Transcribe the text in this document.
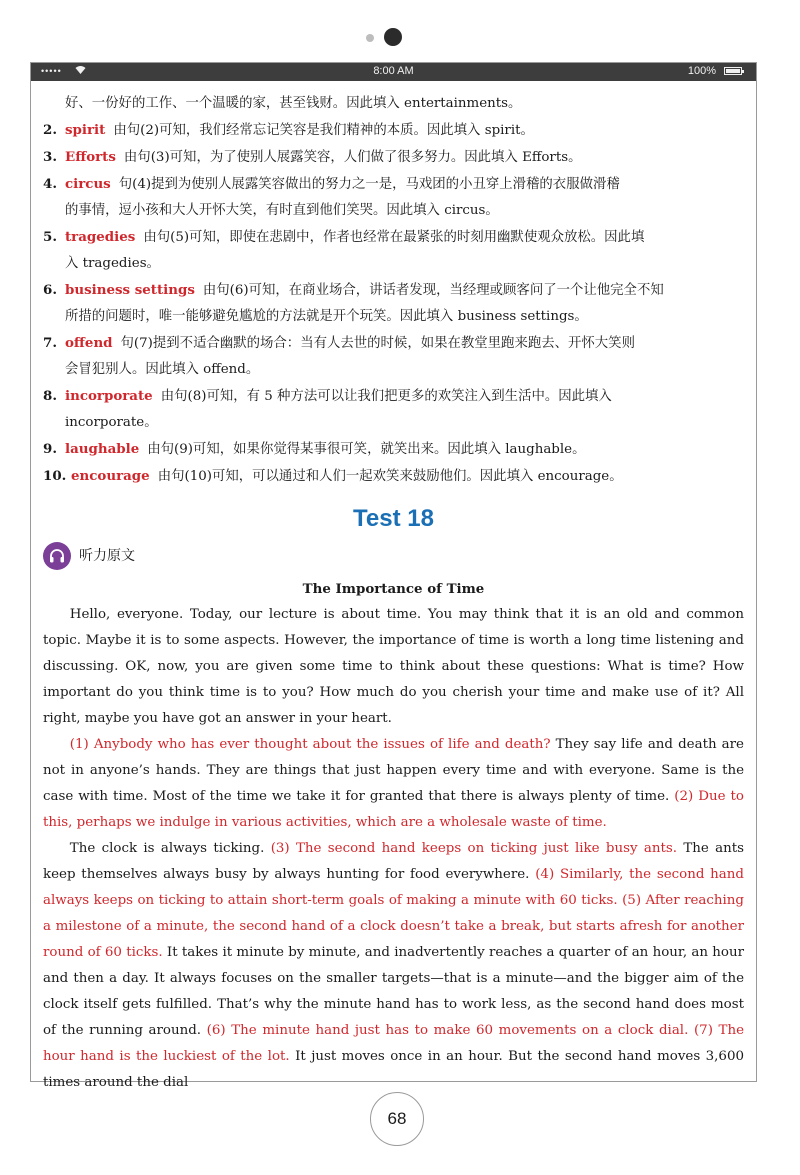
•••••	8:00 AM	100%

好、一份好的工作、一个温暖的家，甚至钱财。因此填入 entertainments。

2. spirit 由句(2)可知，我们经常忘记笑容是我们精神的本质。因此填入 spirit。

3. Efforts 由句(3)可知，为了使别人展露笑容，人们做了很多努力。因此填入 Efforts。

4. circus 句(4)提到为使别人展露笑容做出的努力之一是，马戏团的小丑穿上滑稽的衣服做滑稽

的事情，逗小孩和大人开怀大笑，有时直到他们笑哭。因此填入 circus。

5. tragedies 由句(5)可知，即使在悲剧中，作者也经常在最紧张的时刻用幽默使观众放松。因此填

入 tragedies。

6. business settings 由句(6)可知，在商业场合，讲话者发现，当经理或顾客问了一个让他完全不知

所措的问题时，唯一能够避免尴尬的方法就是开个玩笑。因此填入 business settings。

7. offend 句(7)提到不适合幽默的场合：当有人去世的时候，如果在教堂里跑来跑去、开怀大笑则

会冒犯别人。因此填入 offend。

8. incorporate 由句(8)可知，有 5 种方法可以让我们把更多的欢笑注入到生活中。因此填入

incorporate。

9. laughable 由句(9)可知，如果你觉得某事很可笑，就笑出来。因此填入 laughable。

10. encourage 由句(10)可知，可以通过和人们一起欢笑来鼓励他们。因此填入 encourage。

Test 18
听力原文
The Importance of Time

Hello, everyone. Today, our lecture is about time. You may think that it is an old and common topic. Maybe it is to some aspects. However, the importance of time is worth a long time listening and discussing. OK, now, you are given some time to think about these questions: What is time? How important do you think time is to you? How much do you cherish your time and make use of it? All right, maybe you have got an answer in your heart.

(1) Anybody who has ever thought about the issues of life and death? They say life and death are not in anyone’s hands. They are things that just happen every time and with everyone. Same is the case with time. Most of the time we take it for granted that there is always plenty of time. (2) Due to this, perhaps we indulge in various activities, which are a wholesale waste of time.

The clock is always ticking. (3) The second hand keeps on ticking just like busy ants. The ants keep themselves always busy by always hunting for food everywhere. (4) Similarly, the second hand always keeps on ticking to attain short-term goals of making a minute with 60 ticks. (5) After reaching a milestone of a minute, the second hand of a clock doesn’t take a break, but starts afresh for another round of 60 ticks. It takes it minute by minute, and inadvertently reaches a quarter of an hour, an hour and then a day. It always focuses on the smaller targets—that is a minute—and the bigger aim of the clock itself gets fulfilled. That’s why the minute hand has to work less, as the second hand does most of the running around. (6) The minute hand just has to make 60 movements on a clock dial. (7) The hour hand is the luckiest of the lot. It just moves once in an hour. But the second hand moves 3,600 times around the dial

68
